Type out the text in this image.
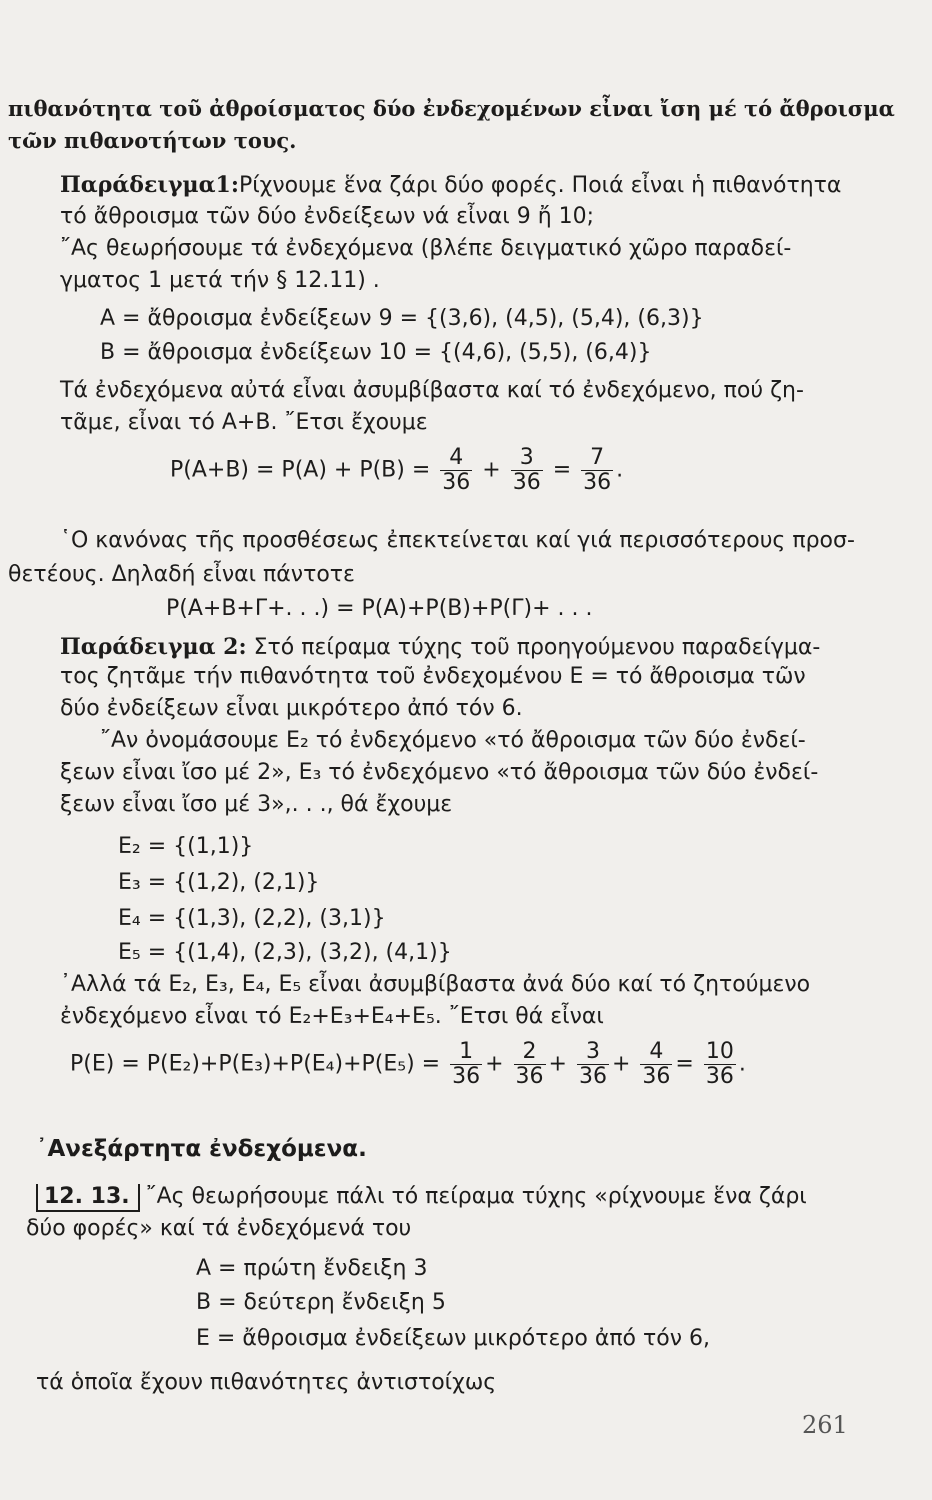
πιθανότητα τοῦ ἀθροίσματος δύο ἐνδεχομένων εἶναι ἴση μέ τό ἄθροισμα
τῶν πιθανοτήτων τους.
Παράδειγμα1:Ρίχνουμε ἕνα ζάρι δύο φορές. Ποιά εἶναι ἡ πιθανότητα
τό ἄθροισμα τῶν δύο ἐνδείξεων νά εἶναι 9 ἤ 10;
῎Ας θεωρήσουμε τά ἐνδεχόμενα (βλέπε δειγματικό χῶρο παραδεί-
γματος 1 μετά τήν § 12.11) .
Α = ἄθροισμα ἐνδείξεων 9 = {(3,6), (4,5), (5,4), (6,3)}
Β = ἄθροισμα ἐνδείξεων 10 = {(4,6), (5,5), (6,4)}
Τά ἐνδεχόμενα αὐτά εἶναι ἀσυμβίβαστα καί τό ἐνδεχόμενο, πού ζη-
τᾶμε, εἶναι τό Α+Β. ῎Ετσι ἔχουμε
$P(A+B) = P(A) + P(B) = \frac{4}{36} + \frac{3}{36} = \frac{7}{36}$ .
῾Ο κανόνας τῆς προσθέσεως ἐπεκτείνεται καί γιά περισσότερους προσ-
θετέους. Δηλαδή εἶναι πάντοτε
P(A+B+Γ+. . .) = P(A)+P(B)+P(Γ)+ . . .
Παράδειγμα 2: Στό πείραμα τύχης τοῦ προηγούμενου παραδείγμα-
τος ζητᾶμε τήν πιθανότητα τοῦ ἐνδεχομένου Ε = τό ἄθροισμα τῶν
δύο ἐνδείξεων εἶναι μικρότερο ἀπό τόν 6.
῎Αν ὀνομάσουμε Ε₂ τό ἐνδεχόμενο «τό ἄθροισμα τῶν δύο ἐνδεί-
ξεων εἶναι ἴσο μέ 2», Ε₃ τό ἐνδεχόμενο «τό ἄθροισμα τῶν δύο ἐνδεί-
ξεων εἶναι ἴσο μέ 3»,. . ., θά ἔχουμε
Ε₂ = {(1,1)}
Ε₃ = {(1,2), (2,1)}
Ε₄ = {(1,3), (2,2), (3,1)}
Ε₅ = {(1,4), (2,3), (3,2), (4,1)}
᾿Αλλά τά Ε₂, Ε₃, Ε₄, Ε₅ εἶναι ἀσυμβίβαστα ἀνά δύο καί τό ζητούμενο
ἐνδεχόμενο εἶναι τό Ε₂+Ε₃+Ε₄+Ε₅. ῎Ετσι θά εἶναι
$P(E) = P(E_2)+P(E_3)+P(E_4)+P(E_5) = \frac{1}{36} + \frac{2}{36} + \frac{3}{36} + \frac{4}{36} = \frac{10}{36}$ .
᾿Ανεξάρτητα ἐνδεχόμενα.
12. 13. ῎Ας θεωρήσουμε πάλι τό πείραμα τύχης «ρίχνουμε ἕνα ζάρι
δύο φορές» καί τά ἐνδεχόμενά του
Α = πρώτη ἔνδειξη 3
Β = δεύτερη ἔνδειξη 5
Ε = ἄθροισμα ἐνδείξεων μικρότερο ἀπό τόν 6,
τά ὁποῖα ἔχουν πιθανότητες ἀντιστοίχως
261
